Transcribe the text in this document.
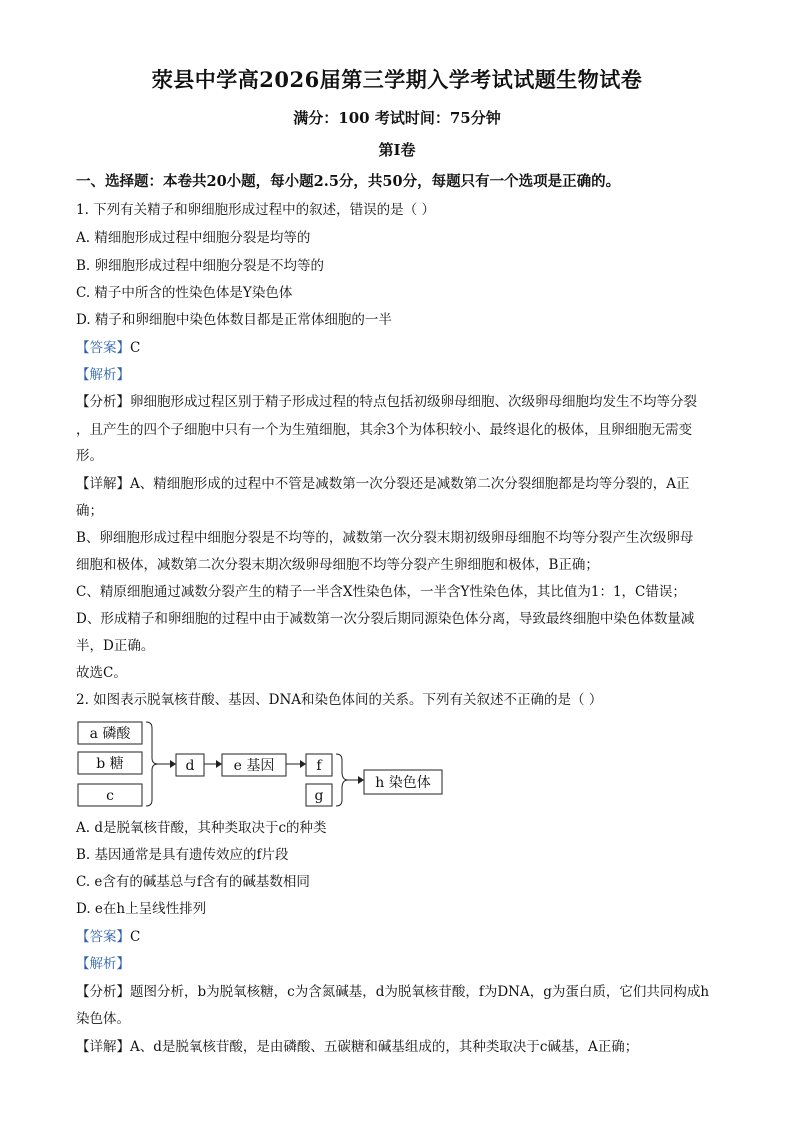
荥县中学高2026届第三学期入学考试试题生物试卷
满分：100 考试时间：75分钟
第Ⅰ卷
一、选择题：本卷共20小题，每小题2.5分，共50分，每题只有一个选项是正确的。
1. 下列有关精子和卵细胞形成过程中的叙述，错误的是（ ）
A. 精细胞形成过程中细胞分裂是均等的
B. 卵细胞形成过程中细胞分裂是不均等的
C. 精子中所含的性染色体是Y染色体
D. 精子和卵细胞中染色体数目都是正常体细胞的一半
【答案】C
【解析】
【分析】卵细胞形成过程区别于精子形成过程的特点包括初级卵母细胞、次级卵母细胞均发生不均等分裂
，且产生的四个子细胞中只有一个为生殖细胞，其余3个为体积较小、最终退化的极体，且卵细胞无需变
形。
【详解】A、精细胞形成的过程中不管是减数第一次分裂还是减数第二次分裂细胞都是均等分裂的，A正
确；
B、卵细胞形成过程中细胞分裂是不均等的，减数第一次分裂末期初级卵母细胞不均等分裂产生次级卵母
细胞和极体，减数第二次分裂末期次级卵母细胞不均等分裂产生卵细胞和极体，B正确；
C、精原细胞通过减数分裂产生的精子一半含X性染色体，一半含Y性染色体，其比值为1：1，C错误；
D、形成精子和卵细胞的过程中由于减数第一次分裂后期同源染色体分离，导致最终细胞中染色体数量减
半，D正确。
故选C。
2. 如图表示脱氧核苷酸、基因、DNA和染色体间的关系。下列有关叙述不正确的是（ ）
a 磷酸
b 糖
c
d	e 基因	f
g
h 染色体
A. d是脱氧核苷酸，其种类取决于c的种类
B. 基因通常是具有遗传效应的f片段
C. e含有的碱基总与f含有的碱基数相同
D. e在h上呈线性排列
【答案】C
【解析】
【分析】题图分析，b为脱氧核糖，c为含氮碱基，d为脱氧核苷酸，f为DNA，g为蛋白质，它们共同构成h
染色体。
【详解】A、d是脱氧核苷酸，是由磷酸、五碳糖和碱基组成的，其种类取决于c碱基，A正确；
